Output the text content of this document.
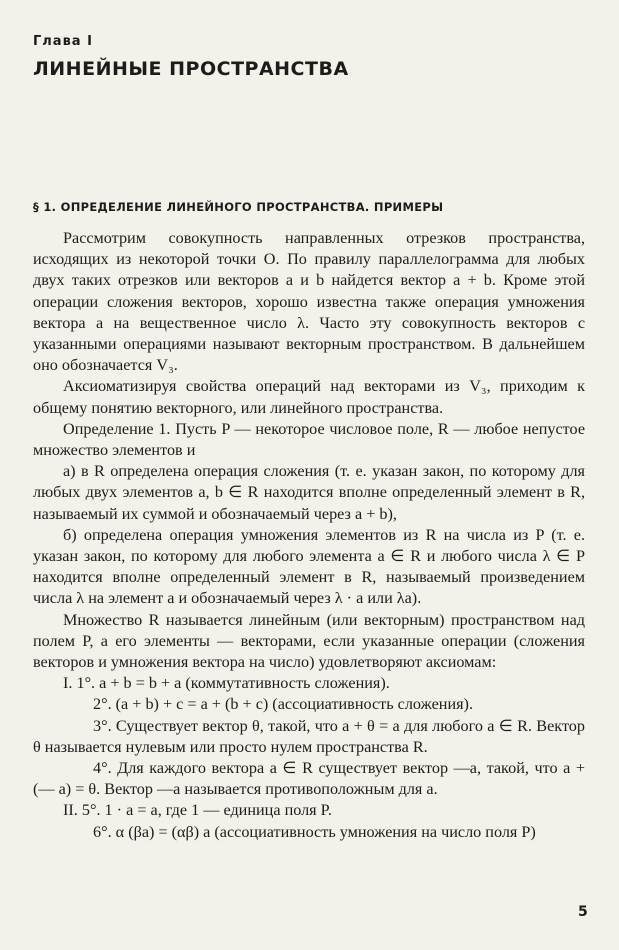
Глава I
ЛИНЕЙНЫЕ ПРОСТРАНСТВА
§ 1. ОПРЕДЕЛЕНИЕ ЛИНЕЙНОГО ПРОСТРАНСТВА. ПРИМЕРЫ

Рассмотрим совокупность направленных отрезков пространства, исходящих из некоторой точки O. По правилу параллелограмма для любых двух таких отрезков или векторов a и b найдется вектор a + b. Кроме этой операции сложения векторов, хорошо известна также операция умножения вектора a на вещественное число λ. Часто эту совокупность векторов с указанными операциями называют векторным пространством. В дальнейшем оно обозначается V₃.

Аксиоматизируя свойства операций над векторами из V₃, приходим к общему понятию векторного, или линейного пространства.

Определение 1. Пусть P — некоторое числовое поле, R — любое непустое множество элементов и

а) в R определена операция сложения (т. е. указан закон, по которому для любых двух элементов a, b ∈ R находится вполне определенный элемент в R, называемый их суммой и обозначаемый через a + b),

б) определена операция умножения элементов из R на числа из P (т. е. указан закон, по которому для любого элемента a ∈ R и любого числа λ ∈ P находится вполне определенный элемент в R, называемый произведением числа λ на элемент a и обозначаемый через λ · a или λa).

Множество R называется линейным (или векторным) пространством над полем P, а его элементы — векторами, если указанные операции (сложения векторов и умножения вектора на число) удовлетворяют аксиомам:

I. 1°. a + b = b + a (коммутативность сложения).

2°. (a + b) + c = a + (b + c) (ассоциативность сложения).

3°. Существует вектор θ, такой, что a + θ = a для любого a ∈ R. Вектор θ называется нулевым или просто нулем пространства R.

4°. Для каждого вектора a ∈ R существует вектор —a, такой, что a + (— a) = θ. Вектор —a называется противоположным для a.

II. 5°. 1 · a = a, где 1 — единица поля P.

6°. α (βa) = (αβ) a (ассоциативность умножения на число поля P)

5
